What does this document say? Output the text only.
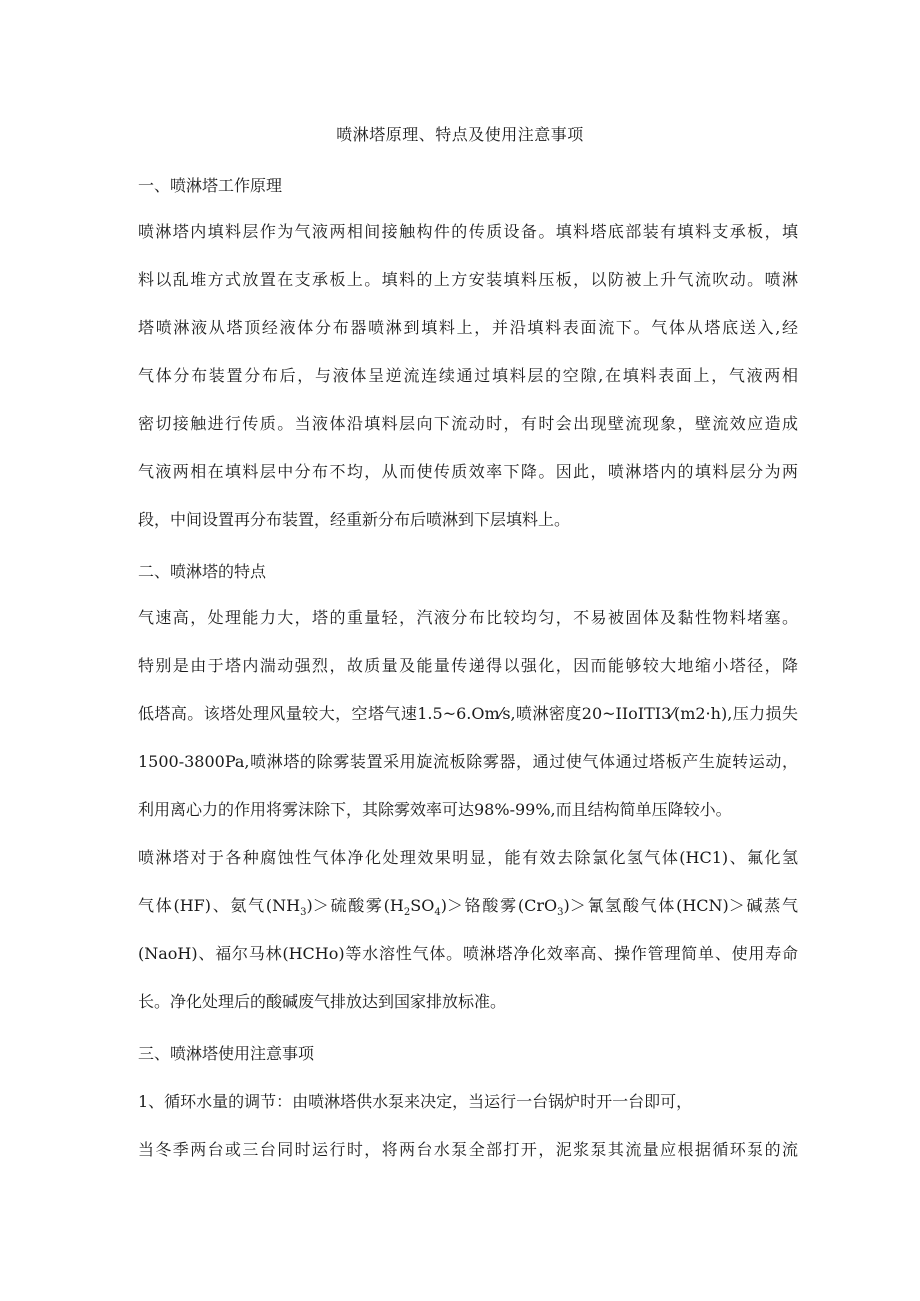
喷淋塔原理、特点及使用注意事项
一、喷淋塔工作原理
喷淋塔内填料层作为气液两相间接触构件的传质设备。填料塔底部装有填料支承板，填
料以乱堆方式放置在支承板上。填料的上方安装填料压板，以防被上升气流吹动。喷淋
塔喷淋液从塔顶经液体分布器喷淋到填料上，并沿填料表面流下。气体从塔底送入,经
气体分布装置分布后，与液体呈逆流连续通过填料层的空隙,在填料表面上，气液两相
密切接触进行传质。当液体沿填料层向下流动时，有时会出现壁流现象，壁流效应造成
气液两相在填料层中分布不均，从而使传质效率下降。因此，喷淋塔内的填料层分为两
段，中间设置再分布装置，经重新分布后喷淋到下层填料上。
二、喷淋塔的特点
气速高，处理能力大，塔的重量轻，汽液分布比较均匀，不易被固体及黏性物料堵塞。
特别是由于塔内湍动强烈，故质量及能量传递得以强化，因而能够较大地缩小塔径，降
低塔高。该塔处理风量较大，空塔气速1.5~6.Om⁄s,喷淋密度20~IIoITI3⁄(m2·h),压力损失
1500-3800Pa,喷淋塔的除雾装置采用旋流板除雾器，通过使气体通过塔板产生旋转运动，
利用离心力的作用将雾沫除下，其除雾效率可达98%-99%,而且结构简单压降较小。
喷淋塔对于各种腐蚀性气体净化处理效果明显，能有效去除氯化氢气体(HC1)、氟化氢
气体(HF)、氨气$(NH_3)>$硫酸雾$(H_2SO_4)>$铬酸雾(CrO$_3$)＞氰氢酸气体(HCN)＞碱蒸气
(NaoH)、福尔马林(HCHo)等水溶性气体。喷淋塔净化效率高、操作管理简单、使用寿命
长。净化处理后的酸碱废气排放达到国家排放标准。
三、喷淋塔使用注意事项
1、循环水量的调节：由喷淋塔供水泵来决定，当运行一台锅炉时开一台即可，
当冬季两台或三台同时运行时，将两台水泵全部打开，泥浆泵其流量应根据循环泵的流
